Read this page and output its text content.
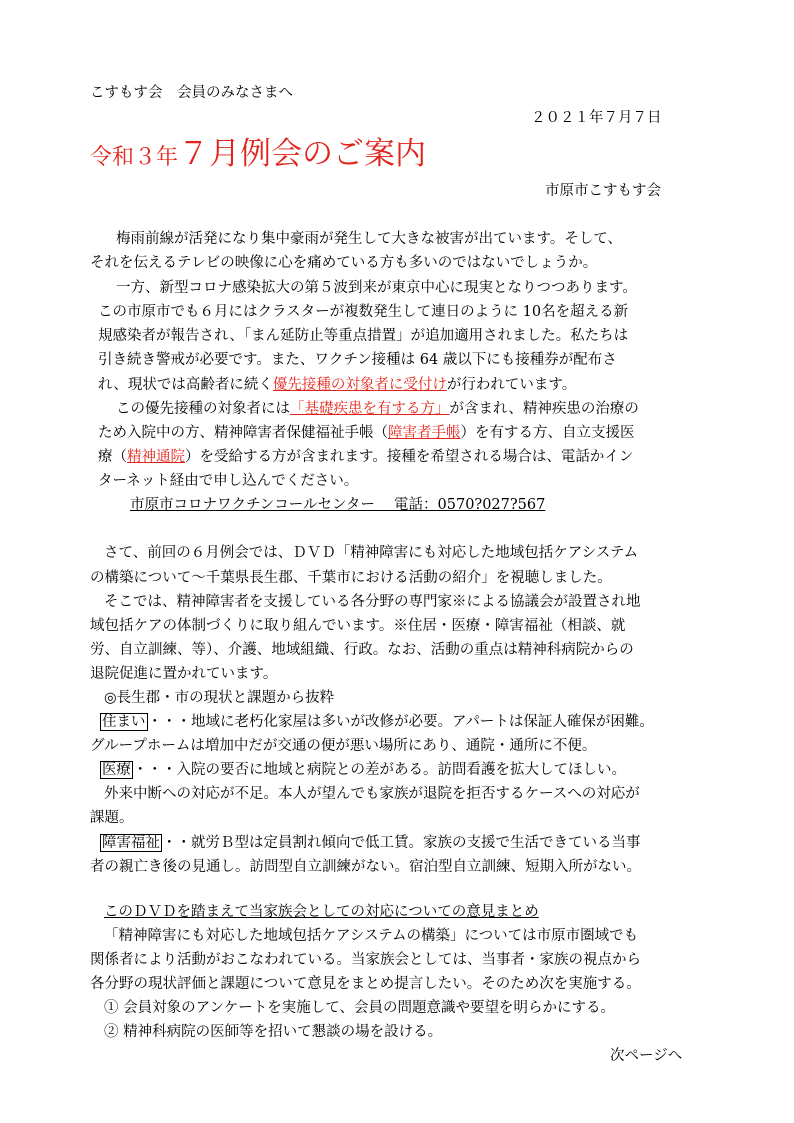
こすもす会　会員のみなさまへ
２０２１年７月７日
令和３年７月例会のご案内
市原市こすもす会
梅雨前線が活発になり集中豪雨が発生して大きな被害が出ています。そして、
それを伝えるテレビの映像に心を痛めている方も多いのではないでしょうか。
一方、新型コロナ感染拡大の第５波到来が東京中心に現実となりつつあります。
この市原市でも６月にはクラスターが複数発生して連日のように 10名を超える新
規感染者が報告され、「まん延防止等重点措置」が追加適用されました。私たちは
引き続き警戒が必要です。また、ワクチン接種は 64 歳以下にも接種券が配布さ
れ、現状では高齢者に続く優先接種の対象者に受付けが行われています。
この優先接種の対象者には「基礎疾患を有する方」が含まれ、精神疾患の治療の
ため入院中の方、精神障害者保健福祉手帳（障害者手帳）を有する方、自立支援医
療（精神通院）を受給する方が含まれます。接種を希望される場合は、電話かイン
ターネット経由で申し込んでください。
市原市コロナワクチンコールセンター　 電話：0570?027?567
さて、前回の６月例会では、ＤＶＤ「精神障害にも対応した地域包括ケアシステム
の構築について〜千葉県長生郡、千葉市における活動の紹介」を視聴しました。
そこでは、精神障害者を支援している各分野の専門家※による協議会が設置され地
域包括ケアの体制づくりに取り組んでいます。※住居・医療・障害福祉（相談、就
労、自立訓練、等）、介護、地域組織、行政。なお、活動の重点は精神科病院からの
退院促進に置かれています。
◎長生郡・市の現状と課題から抜粋
住まい ・・・地域に老朽化家屋は多いが改修が必要。アパートは保証人確保が困難。
グループホームは増加中だが交通の便が悪い場所にあり、通院・通所に不便。
医療 ・・・入院の要否に地域と病院との差がある。訪問看護を拡大してほしい。
外来中断への対応が不足。本人が望んでも家族が退院を拒否するケースへの対応が
課題。
障害福祉 ・・就労Ｂ型は定員割れ傾向で低工賃。家族の支援で生活できている当事
者の親亡き後の見通し。訪問型自立訓練がない。宿泊型自立訓練、短期入所がない。
このＤＶＤを踏まえて当家族会としての対応についての意見まとめ
「精神障害にも対応した地域包括ケアシステムの構築」については市原市圏域でも
関係者により活動がおこなわれている。当家族会としては、当事者・家族の視点から
各分野の現状評価と課題について意見をまとめ提言したい。そのため次を実施する。
① 会員対象のアンケートを実施して、会員の問題意識や要望を明らかにする。
② 精神科病院の医師等を招いて懇談の場を設ける。
次ページへ
